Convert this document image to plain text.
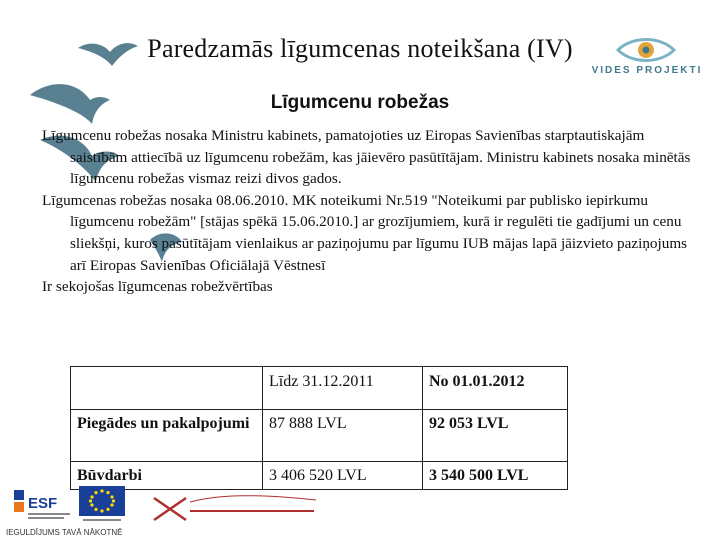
Paredzamās līgumcenas noteikšana (IV)
VIDES PROJEKTI
Līgumcenu robežas

Līgumcenu robežas nosaka Ministru kabinets, pamatojoties uz Eiropas Savienības starptautiskajām saistībām attiecībā uz līgumcenu robežām, kas jāievēro pasūtītājam. Ministru kabinets nosaka minētās līgumcenu robežas vismaz reizi divos gados.

Līgumcenas robežas nosaka 08.06.2010. MK noteikumi Nr.519 "Noteikumi par publisko iepirkumu līgumcenu robežām" [stājas spēkā 15.06.2010.] ar grozījumiem, kurā ir regulēti tie gadījumi un cenu sliekšņi, kuros pasūtītājam vienlaikus ar paziņojumu par līgumu IUB mājas lapā jāizvieto paziņojums arī Eiropas Savienības Oficiālajā Vēstnesī

Ir sekojošas līgumcenas robežvērtības

	Līdz 31.12.2011	No 01.01.2012
Piegādes un pakalpojumi	87 888 LVL	92 053 LVL
Būvdarbi	3 406 520 LVL	3 540 500 LVL
ESF
IEGULDĪJUMS TAVĀ NĀKOTNĒ
